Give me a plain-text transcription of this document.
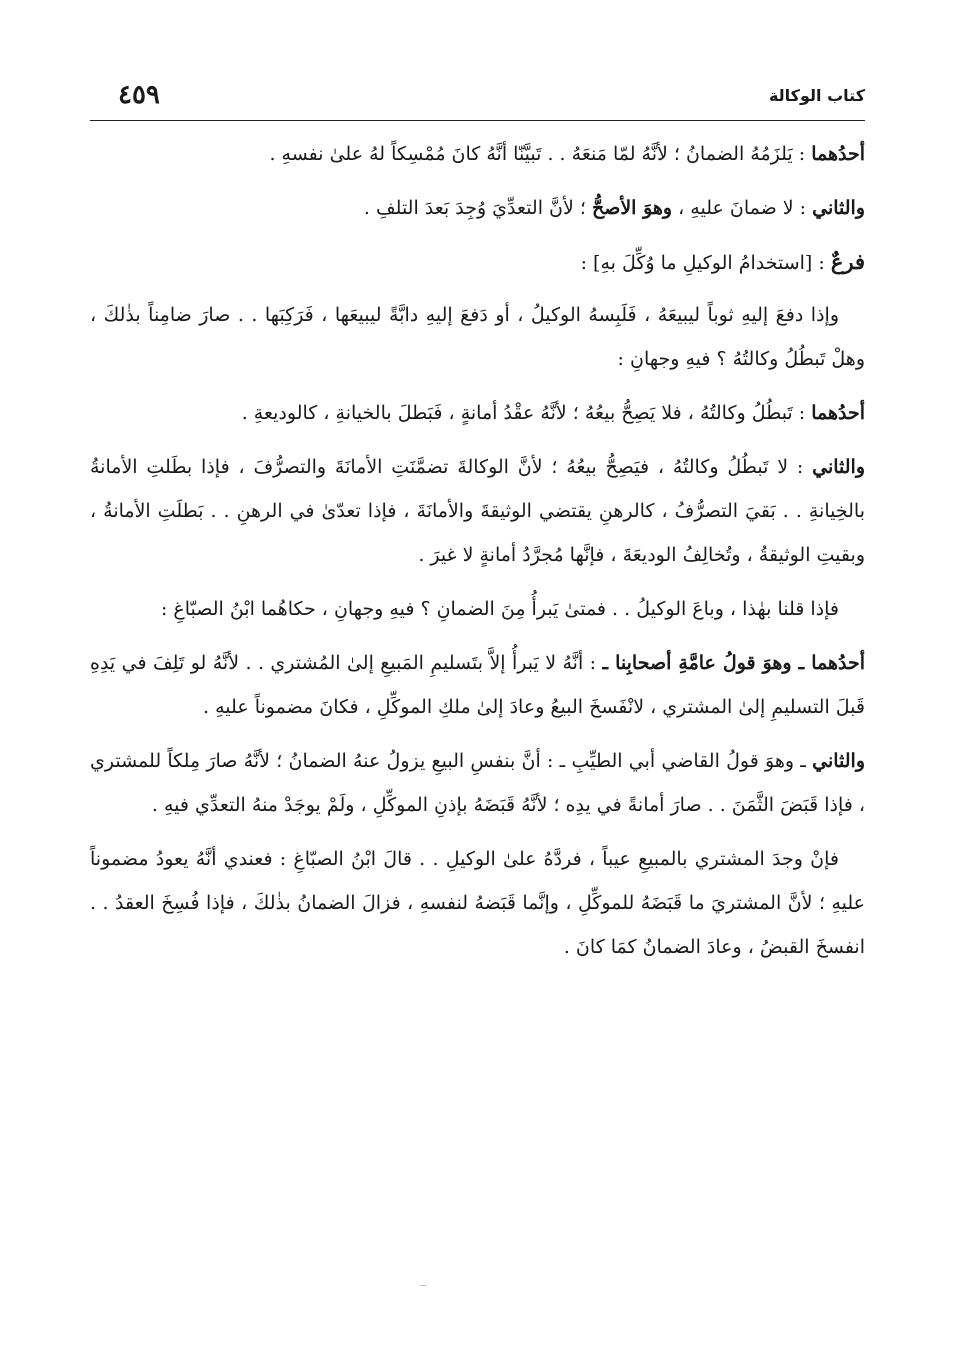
كتاب الوكالة
٤٥٩

أحدُهما : يَلزَمُهُ الضمانُ ؛ لأنَّهُ لمّا مَنعَهُ . . تَبيَّنّا أنَّهُ كانَ مُمْسِكاً لهُ علىٰ نفسهِ .

والثاني : لا ضمانَ عليهِ ، وهوَ الأصحُّ ؛ لأنَّ التعدِّيَ وُجِدَ بَعدَ التلفِ .

فرعٌ : [استخدامُ الوكيلِ ما وُكِّلَ بهِ] :

وإذا دفعَ إليهِ ثوباً ليبيعَهُ ، فَلَبِسهُ الوكيلُ ، أو دَفعَ إليهِ دابَّةً ليبيعَها ، فَرَكِبَها . . صارَ ضامِناً بذٰلكَ ، وهلْ تَبطُلُ وكالتُهُ ؟ فيهِ وجهانِ :

أحدُهما : تَبطُلُ وكالتُهُ ، فلا يَصِحُّ بيعُهُ ؛ لأنَّهُ عقْدُ أمانةٍ ، فَبَطلَ بالخيانةِ ، كالوديعةِ .

والثاني : لا تَبطُلُ وكالتُهُ ، فيَصِحُّ بيعُهُ ؛ لأنَّ الوكالةَ تضمَّنَتِ الأمانَةَ والتصرُّفَ ، فإذا بطَلتِ الأمانةُ بالخِيانةِ . . بَقيَ التصرُّفُ ، كالرهنِ يقتضي الوثيقةَ والأمانَةَ ، فإذا تعدّىٰ في الرهنِ . . بَطلَتِ الأمانةُ ، وبقيتِ الوثيقةُ ، وتُخالِفُ الوديعَةَ ، فإنَّها مُجرَّدُ أمانةٍ لا غيرَ .

فإذا قلنا بهٰذا ، وباعَ الوكيلُ . . فمتىٰ يَبرأُ مِنَ الضمانِ ؟ فيهِ وجهانِ ، حكاهُما ابْنُ الصبّاغِ :

أحدُهما ـ وهوَ قولُ عامَّةِ أصحابِنا ـ : أنَّهُ لا يَبرأُ إلاَّ بتَسليمِ المَبيعِ إلىٰ المُشتري . . لأنَّهُ لو تَلِفَ في يَدِهِ قَبلَ التسليمِ إلىٰ المشتري ، لانْفَسخَ البيعُ وعادَ إلىٰ ملكِ الموكِّلِ ، فكانَ مضموناً عليهِ .

والثاني ـ وهوَ قولُ القاضي أبي الطيِّبِ ـ : أنَّ بنفسِ البيعِ يزولُ عنهُ الضمانُ ؛ لأنَّهُ صارَ مِلكاً للمشتري ، فإذا قَبَضَ الثَّمَنَ . . صارَ أمانةً في يدِه ؛ لأنَّهُ قَبَضَهُ بإذنِ الموكِّلِ ، ولَمْ يوجَدْ منهُ التعدِّي فيهِ .

فإنْ وجدَ المشتري بالمبيعِ عيباً ، فردَّهُ علىٰ الوكيلِ . . قالَ ابْنُ الصبّاغِ : فعندي أنَّهُ يعودُ مضموناً عليهِ ؛ لأنَّ المشتريَ ما قَبَضَهُ للموكِّلِ ، وإنَّما قَبَضهُ لنفسهِ ، فزالَ الضمانُ بذٰلكَ ، فإذا فُسِخَ العقدُ . . انفسخَ القبضُ ، وعادَ الضمانُ كمَا كانَ .
